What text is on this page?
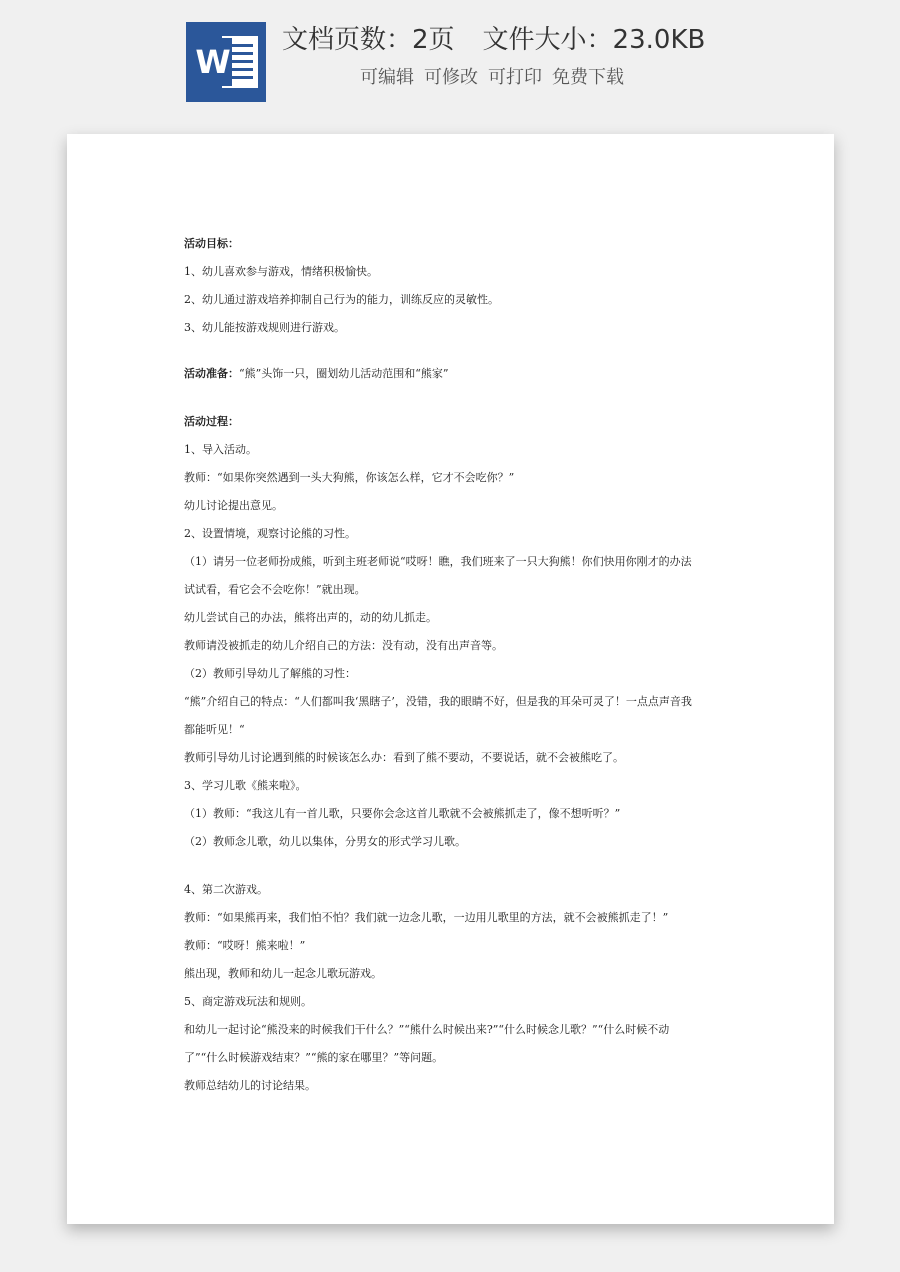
W
文档页数：2页 文件大小：23.0KB
可编辑 可修改 可打印 免费下载
活动目标：
1、幼儿喜欢参与游戏，情绪积极愉快。
2、幼儿通过游戏培养抑制自己行为的能力，训练反应的灵敏性。
3、幼儿能按游戏规则进行游戏。
活动准备：“熊”头饰一只，圈划幼儿活动范围和“熊家”
活动过程：
1、导入活动。
教师：“如果你突然遇到一头大狗熊，你该怎么样，它才不会吃你？”
幼儿讨论提出意见。
2、设置情境，观察讨论熊的习性。
（1）请另一位老师扮成熊，听到主班老师说“哎呀！瞧，我们班来了一只大狗熊！你们快用你刚才的办法
试试看，看它会不会吃你！”就出现。
幼儿尝试自己的办法，熊将出声的，动的幼儿抓走。
教师请没被抓走的幼儿介绍自己的方法：没有动，没有出声音等。
（2）教师引导幼儿了解熊的习性：
“熊”介绍自己的特点：“人们都叫我‘黑瞎子’，没错，我的眼睛不好，但是我的耳朵可灵了！一点点声音我
都能听见！“
教师引导幼儿讨论遇到熊的时候该怎么办：看到了熊不要动，不要说话，就不会被熊吃了。
3、学习儿歌《熊来啦》。
（1）教师：“我这儿有一首儿歌，只要你会念这首儿歌就不会被熊抓走了，像不想听听？”
（2）教师念儿歌，幼儿以集体，分男女的形式学习儿歌。
4、第二次游戏。
教师：“如果熊再来，我们怕不怕？我们就一边念儿歌，一边用儿歌里的方法，就不会被熊抓走了！”
教师：“哎呀！熊来啦！”
熊出现，教师和幼儿一起念儿歌玩游戏。
5、商定游戏玩法和规则。
和幼儿一起讨论“熊没来的时候我们干什么？”“熊什么时候出来?”“什么时候念儿歌？”“什么时候不动
了”“什么时候游戏结束？”“熊的家在哪里？”等问题。
教师总结幼儿的讨论结果。
